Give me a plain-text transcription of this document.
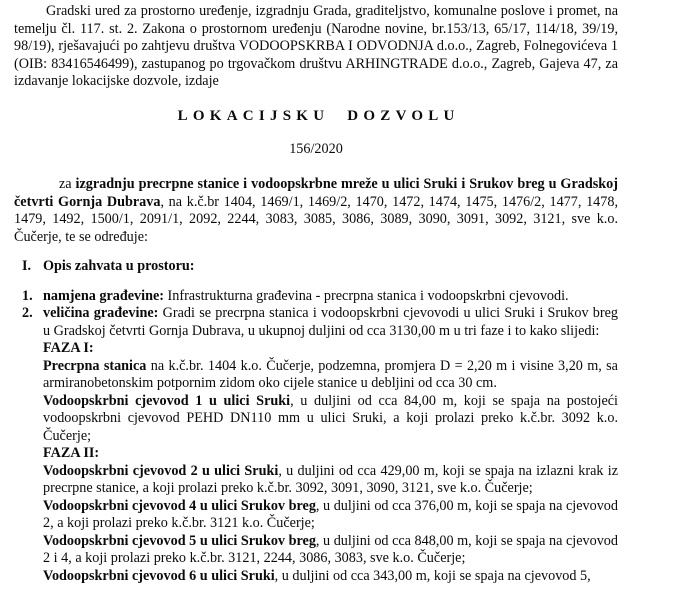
Gradski ured za prostorno uređenje, izgradnju Grada, graditeljstvo, komunalne poslove i promet, na temelju čl. 117. st. 2. Zakona o prostornom uređenju (Narodne novine, br.153/13, 65/17, 114/18, 39/19, 98/19), rješavajući po zahtjevu društva VODOOPSKRBA I ODVODNJA d.o.o., Zagreb, Folnegovićeva 1 (OIB: 83416546499), zastupanog po trgovačkom društvu ARHINGTRADE d.o.o., Zagreb, Gajeva 47, za izdavanje lokacijske dozvole, izdaje

LOKACIJSKU DOZVOLU

156/2020

za izgradnju precrpne stanice i vodoopskrbne mreže u ulici Sruki i Srukov breg u Gradskoj četvrti Gornja Dubrava, na k.č.br 1404, 1469/1, 1469/2, 1470, 1472, 1474, 1475, 1476/2, 1477, 1478, 1479, 1492, 1500/1, 2091/1, 2092, 2244, 3083, 3085, 3086, 3089, 3090, 3091, 3092, 3121, sve k.o. Čučerje, te se određuje:

I. Opis zahvata u prostoru:

1. namjena građevine: Infrastrukturna građevina - precrpna stanica i vodoopskrbni cjevovodi.

2. veličina građevine: Gradi se precrpna stanica i vodoopskrbni cjevovodi u ulici Sruki i Srukov breg u Gradskoj četvrti Gornja Dubrava, u ukupnoj duljini od cca 3130,00 m u tri faze i to kako slijedi:

FAZA I:

Precrpna stanica na k.č.br. 1404 k.o. Čučerje, podzemna, promjera D = 2,20 m i visine 3,20 m, sa armiranobetonskim potpornim zidom oko cijele stanice u debljini od cca 30 cm.

Vodoopskrbni cjevovod 1 u ulici Sruki, u duljini od cca 84,00 m, koji se spaja na postojeći vodoopskrbni cjevovod PEHD DN110 mm u ulici Sruki, a koji prolazi preko k.č.br. 3092 k.o. Čučerje;

FAZA II:

Vodoopskrbni cjevovod 2 u ulici Sruki, u duljini od cca 429,00 m, koji se spaja na izlazni krak iz precrpne stanice, a koji prolazi preko k.č.br. 3092, 3091, 3090, 3121, sve k.o. Čučerje;

Vodoopskrbni cjevovod 4 u ulici Srukov breg, u duljini od cca 376,00 m, koji se spaja na cjevovod 2, a koji prolazi preko k.č.br. 3121 k.o. Čučerje;

Vodoopskrbni cjevovod 5 u ulici Srukov breg, u duljini od cca 848,00 m, koji se spaja na cjevovod 2 i 4, a koji prolazi preko k.č.br. 3121, 2244, 3086, 3083, sve k.o. Čučerje;

Vodoopskrbni cjevovod 6 u ulici Sruki, u duljini od cca 343,00 m, koji se spaja na cjevovod 5,
